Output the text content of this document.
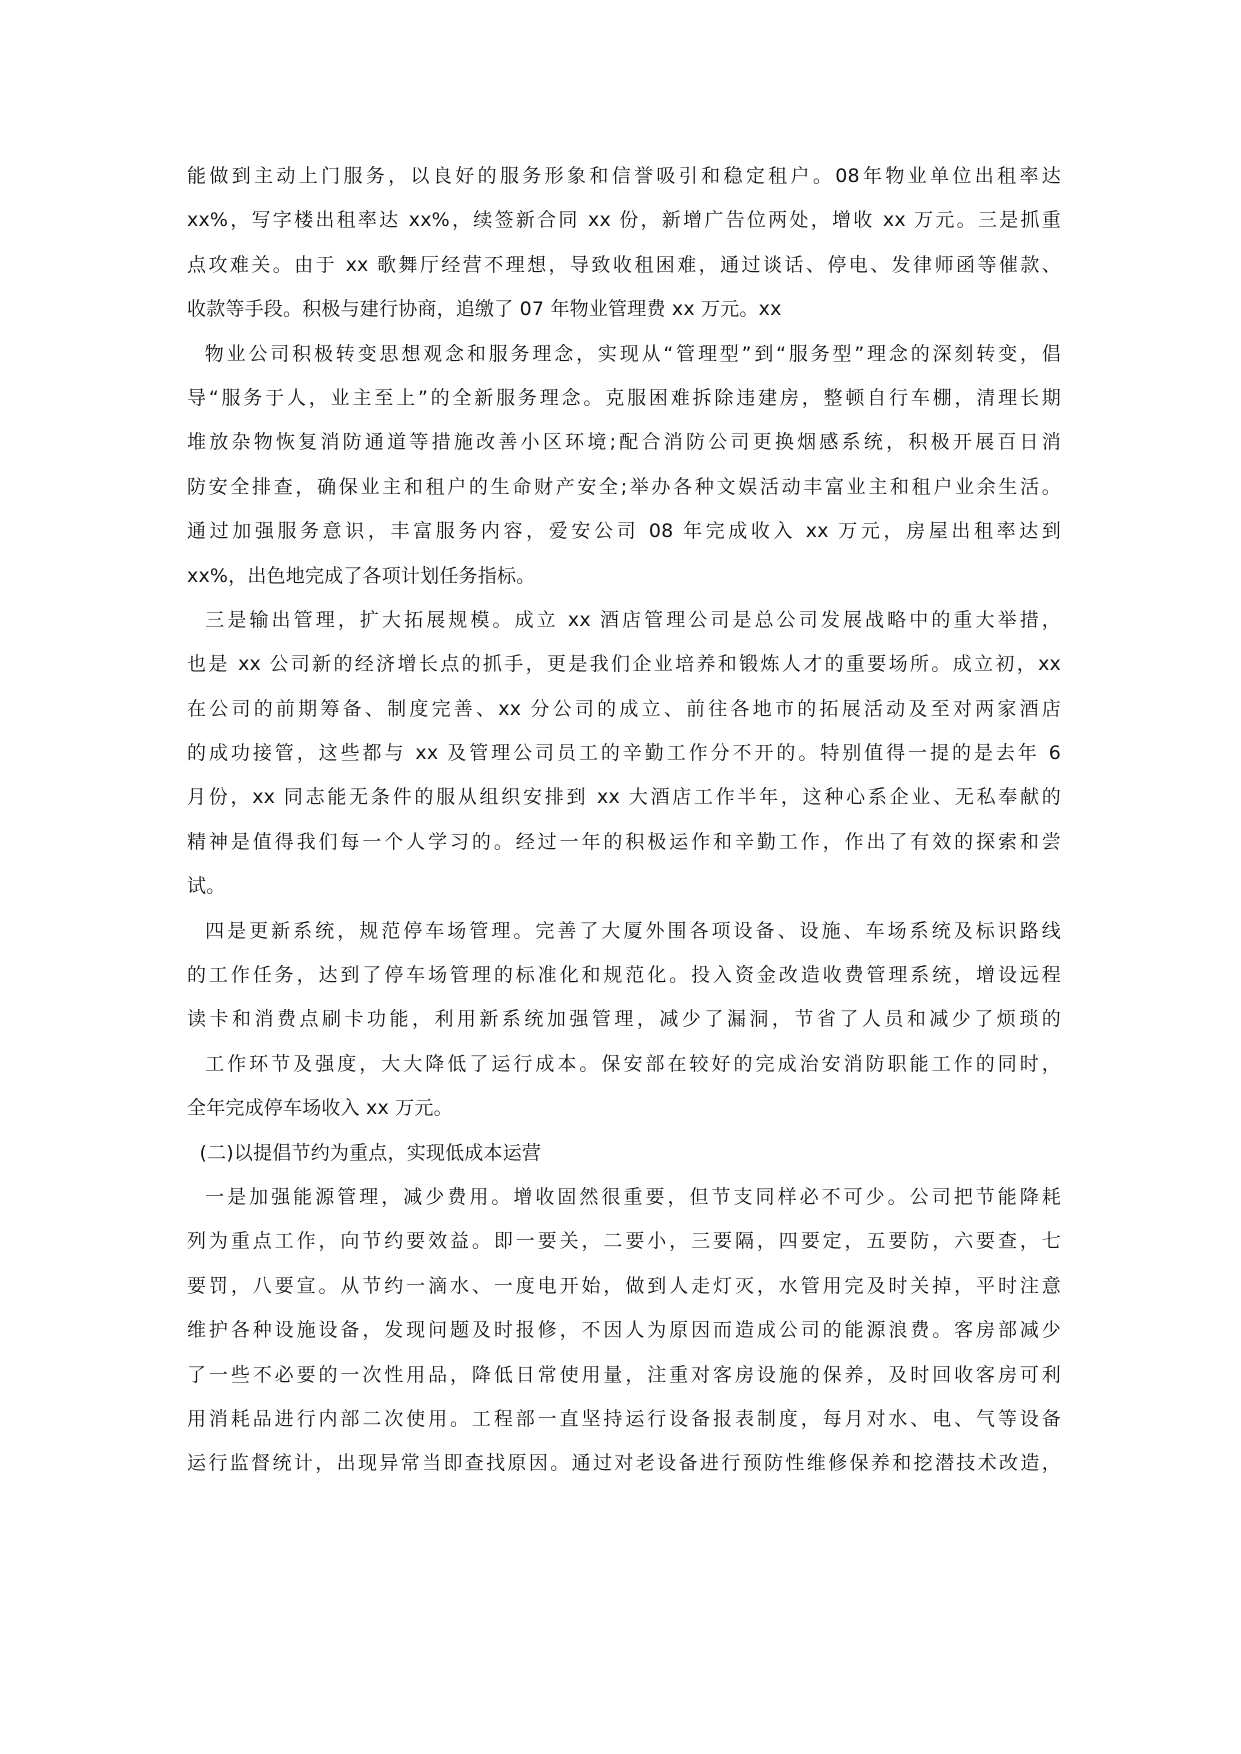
能做到主动上门服务，以良好的服务形象和信誉吸引和稳定租户。08年物业单位出租率达
xx%，写字楼出租率达 xx%，续签新合同 xx 份，新增广告位两处，增收 xx 万元。三是抓重
点攻难关。由于 xx 歌舞厅经营不理想，导致收租困难，通过谈话、停电、发律师函等催款、
收款等手段。积极与建行协商，追缴了 07 年物业管理费 xx 万元。xx
物业公司积极转变思想观念和服务理念，实现从“管理型”到“服务型”理念的深刻转变，倡
导“服务于人，业主至上”的全新服务理念。克服困难拆除违建房，整顿自行车棚，清理长期
堆放杂物恢复消防通道等措施改善小区环境;配合消防公司更换烟感系统，积极开展百日消
防安全排查，确保业主和租户的生命财产安全;举办各种文娱活动丰富业主和租户业余生活。
通过加强服务意识，丰富服务内容，爱安公司 08 年完成收入 xx 万元，房屋出租率达到
xx%，出色地完成了各项计划任务指标。
三是输出管理，扩大拓展规模。成立 xx 酒店管理公司是总公司发展战略中的重大举措，
也是 xx 公司新的经济增长点的抓手，更是我们企业培养和锻炼人才的重要场所。成立初，xx
在公司的前期筹备、制度完善、xx 分公司的成立、前往各地市的拓展活动及至对两家酒店
的成功接管，这些都与 xx 及管理公司员工的辛勤工作分不开的。特别值得一提的是去年 6
月份，xx 同志能无条件的服从组织安排到 xx 大酒店工作半年，这种心系企业、无私奉献的
精神是值得我们每一个人学习的。经过一年的积极运作和辛勤工作，作出了有效的探索和尝
试。
四是更新系统，规范停车场管理。完善了大厦外围各项设备、设施、车场系统及标识路线
的工作任务，达到了停车场管理的标准化和规范化。投入资金改造收费管理系统，增设远程
读卡和消费点刷卡功能，利用新系统加强管理，减少了漏洞，节省了人员和减少了烦琐的
工作环节及强度，大大降低了运行成本。保安部在较好的完成治安消防职能工作的同时，
全年完成停车场收入 xx 万元。
(二)以提倡节约为重点，实现低成本运营
一是加强能源管理，减少费用。增收固然很重要，但节支同样必不可少。公司把节能降耗
列为重点工作，向节约要效益。即一要关，二要小，三要隔，四要定，五要防，六要查，七
要罚，八要宣。从节约一滴水、一度电开始，做到人走灯灭，水管用完及时关掉，平时注意
维护各种设施设备，发现问题及时报修，不因人为原因而造成公司的能源浪费。客房部减少
了一些不必要的一次性用品，降低日常使用量，注重对客房设施的保养，及时回收客房可利
用消耗品进行内部二次使用。工程部一直坚持运行设备报表制度，每月对水、电、气等设备
运行监督统计，出现异常当即查找原因。通过对老设备进行预防性维修保养和挖潜技术改造，
